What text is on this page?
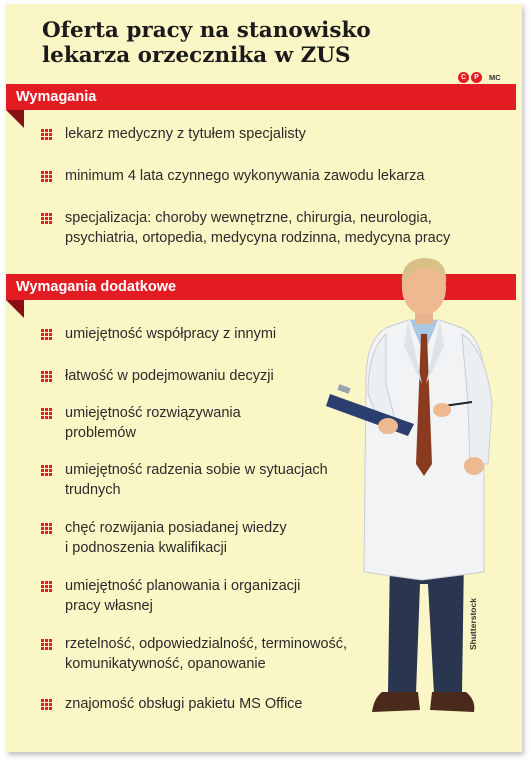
Oferta pracy na stanowisko
lekarza orzecznika w ZUS
C	P	MC
Wymagania
lekarz medyczny z tytułem specjalisty
minimum 4 lata czynnego wykonywania zawodu lekarza
specjalizacja: choroby wewnętrzne, chirurgia, neurologia,
psychiatria, ortopedia, medycyna rodzinna, medycyna pracy
Wymagania dodatkowe
umiejętność współpracy z innymi
łatwość w podejmowaniu decyzji
umiejętność rozwiązywania
problemów
umiejętność radzenia sobie w sytuacjach
trudnych
chęć rozwijania posiadanej wiedzy
i podnoszenia kwalifikacji
umiejętność planowania i organizacji
pracy własnej
rzetelność, odpowiedzialność, terminowość,
komunikatywność, opanowanie
znajomość obsługi pakietu MS Office
Shutterstock
